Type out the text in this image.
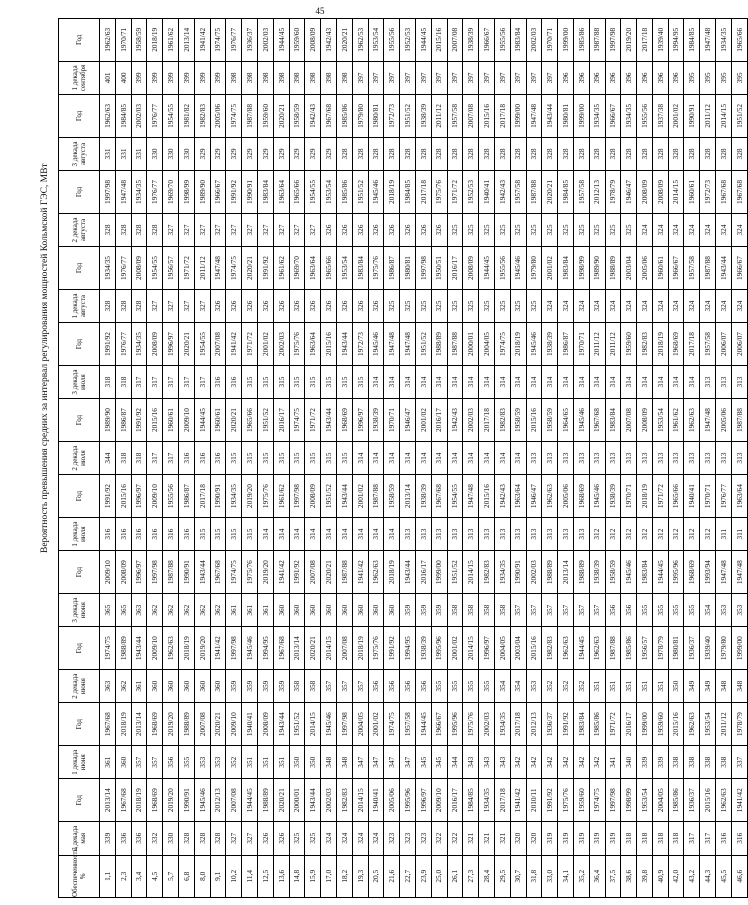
45
Вероятность превышения средних за интервал регулирования мощностей Кольмской ГЭС, МВт
Обеспеченность, %	3 декада мая	Год	1 декада июня	Год	2 декада июня	Год	3 декада июня	Год	1 декада июля	Год	2 декада июля	Год	3 декада июля	Год	1 декада августа	Год	2 декада августа	Год	3 декада августа	Год	1 декада сентября	Год
1,1	339	2013/14	361	1967/68	363	1974/75	365	2009/10	316	1991/92	344	1989/90	318	1991/92	328	1934/35	328	1997/98	331	1962/63	401	1962/63
2,3	336	1967/68	360	2018/19	362	1988/89	365	2008/09	316	2015/16	318	1986/87	318	1976/77	328	1976/77	328	1947/48	331	1984/85	400	1970/71
3,4	336	2018/19	357	2013/14	361	1943/44	363	1996/97	316	1996/97	318	1991/92	317	1934/35	328	2008/09	328	1934/35	331	2002/03	399	1958/59
4,5	332	1968/69	357	1968/69	360	2009/10	362	1997/98	316	2009/10	317	2015/16	317	2008/09	327	1954/55	328	1976/77	330	1976/77	399	2018/19
5,7	330	2019/20	356	2019/20	360	1962/63	362	1987/88	316	1955/56	317	1960/61	317	1996/97	327	1956/57	327	1969/70	330	1954/55	399	1961/62
6,8	328	1990/91	355	1988/89	360	2018/19	362	1990/91	316	1986/87	316	2009/10	317	2020/21	327	1971/72	327	1998/99	330	1981/82	399	2013/14
8,0	328	1945/46	353	2007/08	360	2019/20	362	1943/44	315	2017/18	316	1944/45	317	1954/55	327	2011/12	327	1989/90	329	1982/83	399	1941/42
9,1	328	2012/13	353	2020/21	360	1941/42	362	1967/68	315	1990/91	316	1960/61	316	2007/08	326	1947/48	327	1966/67	329	2005/06	399	1974/75
10,2	327	2007/08	352	2009/10	359	1997/98	361	1974/75	315	1934/35	315	2020/21	316	1941/42	326	1974/75	327	1991/92	329	1974/75	398	1976/77
11,4	327	1944/45	351	1940/41	359	1945/46	361	1975/76	315	2019/20	315	1965/66	315	1971/72	326	2020/21	327	1990/91	329	1987/88	398	1936/37
12,5	326	1988/89	351	2008/09	359	1994/95	361	2019/20	314	1975/76	315	1951/52	315	2001/02	326	1991/92	327	1983/84	329	1959/60	398	2002/03
13,6	326	2020/21	351	1943/44	359	1967/68	360	1941/42	314	1961/62	315	2016/17	315	2002/03	326	1961/62	327	1963/64	329	2020/21	398	1944/45
14,8	325	2000/01	350	1951/52	358	2013/14	360	1991/92	314	1997/98	315	1974/75	315	1975/76	326	1969/70	327	1965/66	329	1958/59	398	1959/60
15,9	325	1943/44	350	2014/15	358	2020/21	360	2007/08	314	2008/09	315	1971/72	315	1963/64	326	1963/64	327	1954/55	329	1942/43	398	2008/09
17,0	324	2002/03	348	1945/46	357	2014/15	360	2020/21	314	1951/52	315	1943/44	315	2015/16	326	1965/66	326	1953/54	329	1967/68	398	1942/43
18,2	324	1982/83	348	1997/98	357	2007/08	360	1987/88	314	1943/44	315	1968/69	315	1943/44	326	1953/54	326	1985/86	328	1985/86	398	2020/21
19,3	324	2014/15	347	2004/05	357	2018/19	360	1941/42	314	2001/02	314	1996/97	315	1972/73	326	1983/84	326	1951/52	328	1979/80	397	1962/53
20,5	324	1940/41	347	2001/02	356	1975/76	360	1962/63	314	1987/88	314	1938/39	314	1945/46	326	1975/76	326	1945/46	328	1980/81	397	1953/54
21,6	323	2005/06	347	1974/75	356	1991/92	360	2018/19	314	1958/59	314	1970/71	314	1947/48	325	1986/87	326	2018/19	328	1972/73	397	1955/56
22,7	323	1995/96	347	1957/58	356	1994/95	359	1943/44	313	2013/14	314	1946/47	314	1947/48	325	1980/81	326	1984/85	328	1951/52	397	1952/53
23,9	323	1996/97	345	1944/45	356	1938/39	359	2016/17	313	1938/39	314	2001/02	314	1951/52	325	1997/98	326	2017/18	328	1938/39	397	1944/45
25,0	322	2009/10	345	1966/67	355	1995/96	359	1999/00	313	1967/68	314	2016/17	314	1988/89	325	1950/51	326	1975/76	328	2011/12	397	2015/16
26,1	322	2016/17	344	1995/96	355	2001/02	358	1951/52	313	1954/55	314	1942/43	314	1987/88	325	2016/17	325	1971/72	328	1957/58	397	2007/08
27,3	321	1984/85	343	1975/76	355	2014/15	358	2014/15	313	1947/48	314	2002/03	314	2000/01	325	2008/09	325	1952/53	328	2007/08	397	1938/39
28,4	321	1934/35	343	2002/03	355	1996/97	358	1982/83	313	2015/16	314	2017/18	314	2004/05	325	1944/45	325	1940/41	328	2015/16	397	1966/67
29,5	321	2017/18	343	1934/35	354	2004/05	358	1934/35	313	1942/43	314	1982/83	314	1974/75	325	1955/56	325	1942/43	328	2017/18	397	1955/56
30,7	320	1941/42	342	2017/18	354	2003/04	357	1990/91	313	1963/64	314	1958/59	314	2018/19	325	1945/46	325	1957/58	328	1999/00	397	1983/84
31,8	320	2010/11	342	2012/13	353	2015/16	357	2002/03	313	1946/47	313	2015/16	314	1945/46	325	1979/80	325	1987/88	328	1947/48	397	2002/03
33,0	319	1991/92	342	1936/37	352	1982/83	357	1988/89	313	1962/63	313	1958/59	314	1938/39	324	2001/02	325	2020/21	328	1943/44	397	1970/71
34,1	319	1975/76	342	1991/92	352	1962/63	357	2013/14	313	2005/06	313	1964/65	314	1986/87	324	1983/84	325	1984/85	328	1980/81	396	1999/00
35,2	319	1959/60	342	1983/84	352	1944/45	357	1988/89	313	1968/69	313	1945/46	314	1970/71	324	1998/99	325	1957/58	328	1999/00	396	1985/86
36,4	319	1974/75	342	1985/86	351	1962/63	357	1938/39	312	1945/46	313	1967/68	314	2011/12	324	1989/90	325	2012/13	328	1934/35	396	1987/88
37,5	319	1997/98	341	1971/72	351	1987/88	356	1958/59	312	1938/39	313	1983/84	314	2011/12	324	1988/89	325	1978/79	328	1966/67	396	1997/98
38,6	318	1998/99	340	2016/17	351	1985/86	356	1945/46	312	1970/71	313	2007/08	314	1959/60	324	2003/04	325	1946/47	328	1934/35	396	2019/20
39,8	318	1953/54	339	1999/00	351	1956/57	355	1983/84	312	2018/19	313	2008/09	314	1982/83	324	2005/06	324	2008/09	328	1955/56	396	2017/18
40,9	318	2004/05	339	1959/60	351	1978/79	355	1944/45	312	1971/72	313	1953/54	314	2018/19	324	1960/61	324	2008/09	328	1937/38	396	1939/40
42,0	318	1985/86	338	2015/16	350	1980/81	355	1995/96	312	1965/66	313	1961/62	314	1968/69	324	1966/67	324	2014/15	328	2001/02	396	1994/95
43,2	317	1936/37	338	1962/63	349	1936/37	355	1968/69	312	1940/41	313	1962/63	314	2017/18	324	1957/58	324	1960/61	328	1990/91	395	1984/85
44,3	317	2015/16	338	1953/54	349	1939/40	354	1993/94	312	1970/71	313	1947/48	313	1957/58	324	1987/88	324	1972/73	328	2011/12	395	1947/48
45,5	316	1962/63	338	2011/12	348	1979/80	353	1947/48	311	1976/77	313	2005/06	313	2006/07	324	1943/44	324	1967/68	328	2014/15	395	1934/35
46,6	316	1941/42	337	1978/79	348	1999/00	353	1947/48	311	1963/64	313	1987/88	313	2006/07	324	1966/67	324	1967/68	328	1951/52	395	1965/66
